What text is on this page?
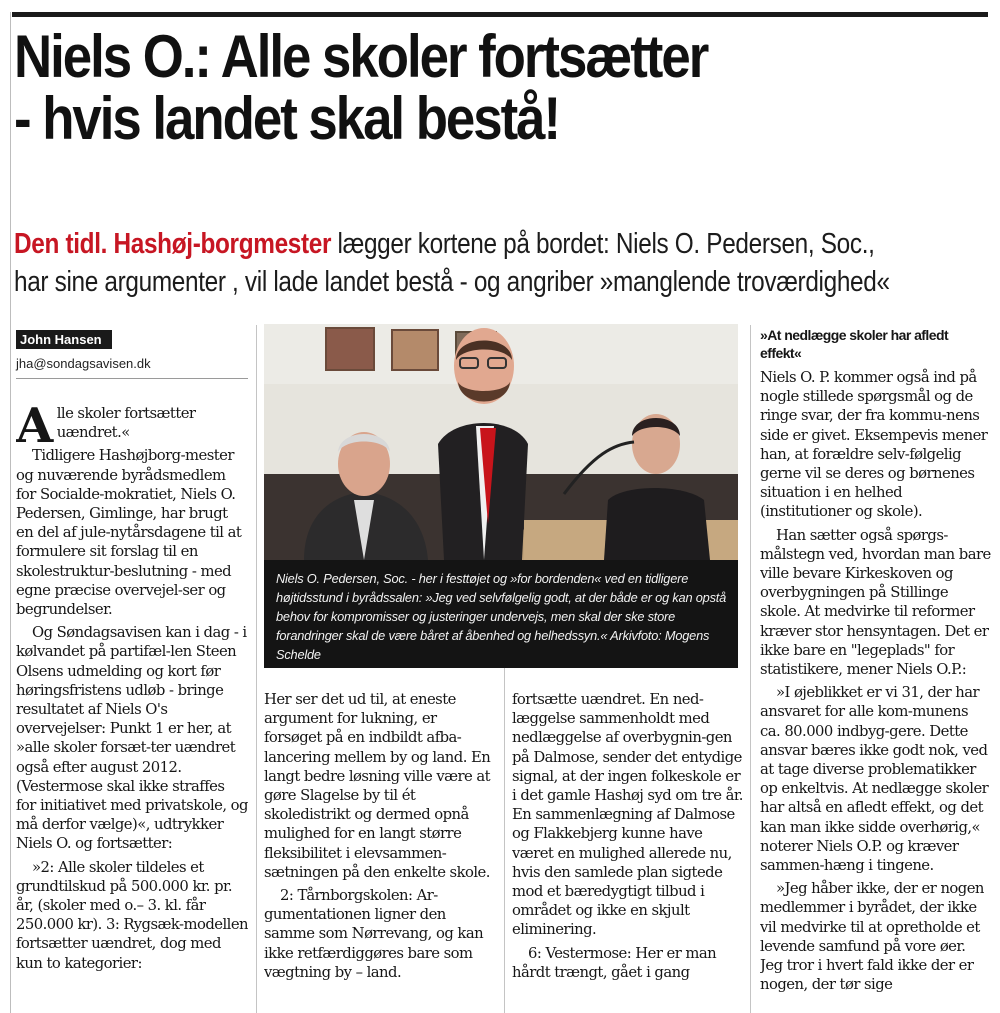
Niels O.: Alle skoler fortsætter
- hvis landet skal bestå!
Den tidl. Hashøj-borgmester lægger kortene på bordet: Niels O. Pedersen, Soc.,
har sine argumenter , vil lade landet bestå - og angriber »manglende troværdighed«
John Hansen
jha@sondagsavisen.dk

Alle skoler fortsætter uændret.«

Tidligere Hashøjborg-mester og nuværende byrådsmedlem for Socialde-mokratiet, Niels O. Pedersen, Gimlinge, har brugt en del af jule-nytårsdagene til at formulere sit forslag til en skolestruktur-beslutning - med egne præcise overvejel-ser og begrundelser.

Og Søndagsavisen kan i dag - i kølvandet på partifæl-len Steen Olsens udmelding og kort før høringsfristens udløb - bringe resultatet af Niels O's overvejelser: Punkt 1 er her, at »alle skoler forsæt-ter uændret også efter august 2012. (Vestermose skal ikke straffes for initiativet med privatskole, og må derfor vælge)«, udtrykker Niels O. og fortsætter:

»2: Alle skoler tildeles et grundtilskud på 500.000 kr. pr. år, (skoler med o.– 3. kl. får 250.000 kr). 3: Rygsæk-modellen fortsætter uændret, dog med kun to kategorier:

Niels O. Pedersen, Soc. - her i festtøjet og »for bordenden« ved en tidligere højtidsstund i byrådssalen: »Jeg ved selvfølgelig godt, at der både er og kan opstå behov for kompromisser og justeringer undervejs, men skal der ske store forandringer skal de være båret af åbenhed og helhedssyn.« Arkivfoto: Mogens Schelde

Her ser det ud til, at eneste argument for lukning, er forsøget på en indbildt afba-lancering mellem by og land. En langt bedre løsning ville være at gøre Slagelse by til ét skoledistrikt og dermed opnå mulighed for en langt større fleksibilitet i elevsammen-sætningen på den enkelte skole.

2: Tårnborgskolen: Ar-gumentationen ligner den samme som Nørrevang, og kan ikke retfærdiggøres bare som vægtning by – land.

fortsætte uændret. En ned-læggelse sammenholdt med nedlæggelse af overbygnin-gen på Dalmose, sender det entydige signal, at der ingen folkeskole er i det gamle Hashøj syd om tre år. En sammenlægning af Dalmose og Flakkebjerg kunne have været en mulighed allerede nu, hvis den samlede plan sigtede mod et bæredygtigt tilbud i området og ikke en skjult eliminering.

6: Vestermose: Her er man hårdt trængt, gået i gang

»At nedlægge skoler har afledt effekt«

Niels O. P. kommer også ind på nogle stillede spørgsmål og de ringe svar, der fra kommu-nens side er givet. Eksempevis mener han, at forældre selv-følgelig gerne vil se deres og børnenes situation i en helhed (institutioner og skole).

Han sætter også spørgs-målstegn ved, hvordan man bare ville bevare Kirkeskoven og overbygningen på Stillinge skole. At medvirke til reformer kræver stor hensyntagen. Det er ikke bare en "legeplads" for statistikere, mener Niels O.P.:

»I øjeblikket er vi 31, der har ansvaret for alle kom-munens ca. 80.000 indbyg-gere. Dette ansvar bæres ikke godt nok, ved at tage diverse problematikker op enkeltvis. At nedlægge skoler har altså en afledt effekt, og det kan man ikke sidde overhørig,« noterer Niels O.P. og kræver sammen-hæng i tingene.

»Jeg håber ikke, der er nogen medlemmer i byrådet, der ikke vil medvirke til at opretholde et levende samfund på vore øer. Jeg tror i hvert fald ikke der er nogen, der tør sige
